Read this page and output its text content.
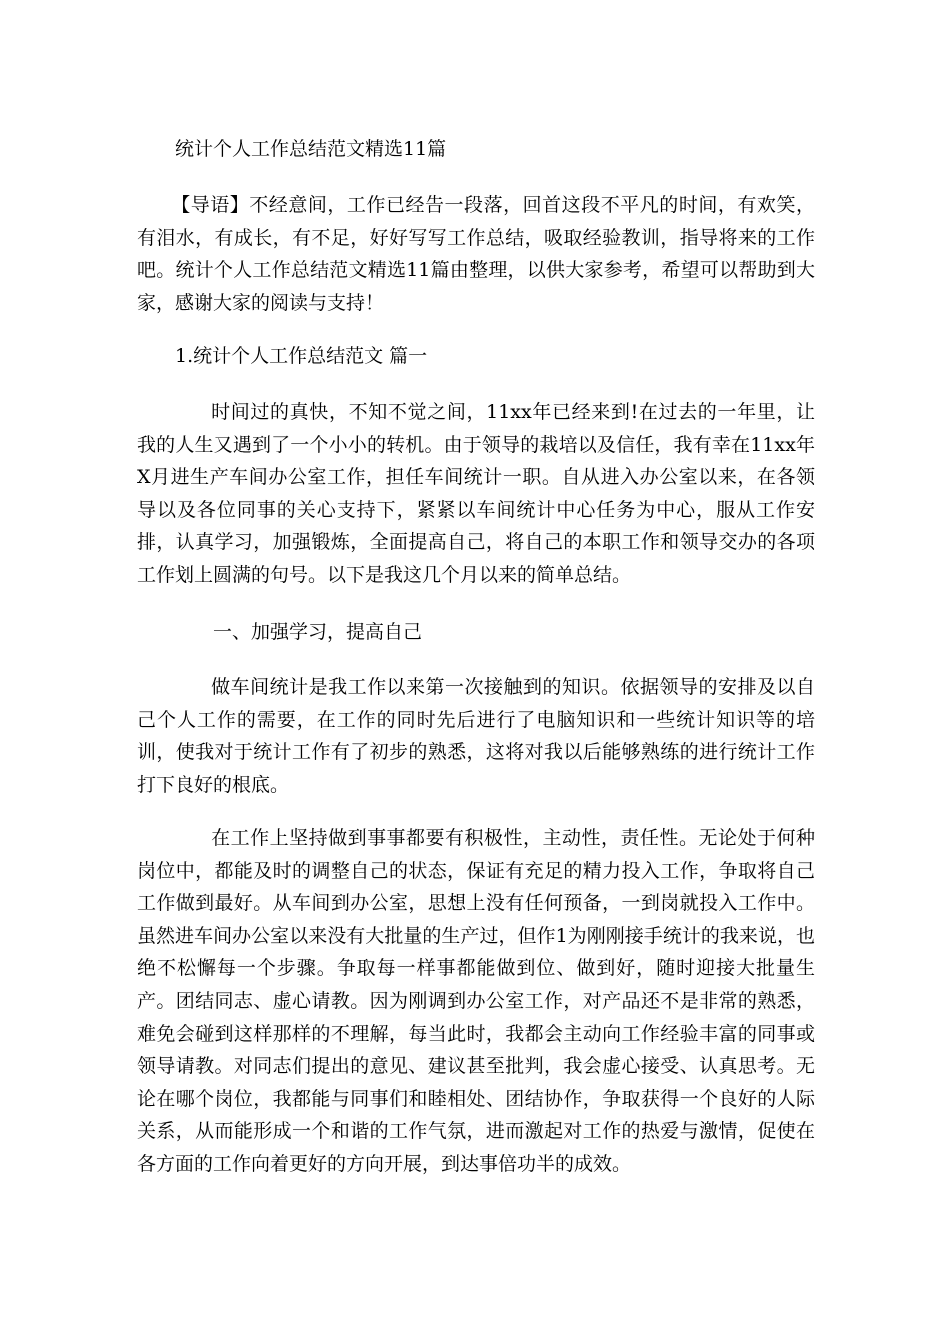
统计个人工作总结范文精选11篇

【导语】不经意间，工作已经告一段落，回首这段不平凡的时间，有欢笑，有泪水，有成长，有不足，好好写写工作总结，吸取经验教训，指导将来的工作吧。统计个人工作总结范文精选11篇由整理，以供大家参考，希望可以帮助到大家，感谢大家的阅读与支持！

1.统计个人工作总结范文 篇一

时间过的真快，不知不觉之间，11xx年已经来到!在过去的一年里，让我的人生又遇到了一个小小的转机。由于领导的栽培以及信任，我有幸在11xx年X月进生产车间办公室工作，担任车间统计一职。自从进入办公室以来，在各领导以及各位同事的关心支持下，紧紧以车间统计中心任务为中心，服从工作安排，认真学习，加强锻炼，全面提高自己，将自己的本职工作和领导交办的各项工作划上圆满的句号。以下是我这几个月以来的简单总结。

一、加强学习，提高自己

做车间统计是我工作以来第一次接触到的知识。依据领导的安排及以自己个人工作的需要，在工作的同时先后进行了电脑知识和一些统计知识等的培训，使我对于统计工作有了初步的熟悉，这将对我以后能够熟练的进行统计工作打下良好的根底。

在工作上坚持做到事事都要有积极性，主动性，责任性。无论处于何种岗位中，都能及时的调整自己的状态，保证有充足的精力投入工作，争取将自己工作做到最好。从车间到办公室，思想上没有任何预备，一到岗就投入工作中。虽然进车间办公室以来没有大批量的生产过，但作1为刚刚接手统计的我来说，也绝不松懈每一个步骤。争取每一样事都能做到位、做到好，随时迎接大批量生产。团结同志、虚心请教。因为刚调到办公室工作，对产品还不是非常的熟悉，难免会碰到这样那样的不理解，每当此时，我都会主动向工作经验丰富的同事或领导请教。对同志们提出的意见、建议甚至批判，我会虚心接受、认真思考。无论在哪个岗位，我都能与同事们和睦相处、团结协作，争取获得一个良好的人际关系，从而能形成一个和谐的工作气氛，进而激起对工作的热爱与激情，促使在各方面的工作向着更好的方向开展，到达事倍功半的成效。
